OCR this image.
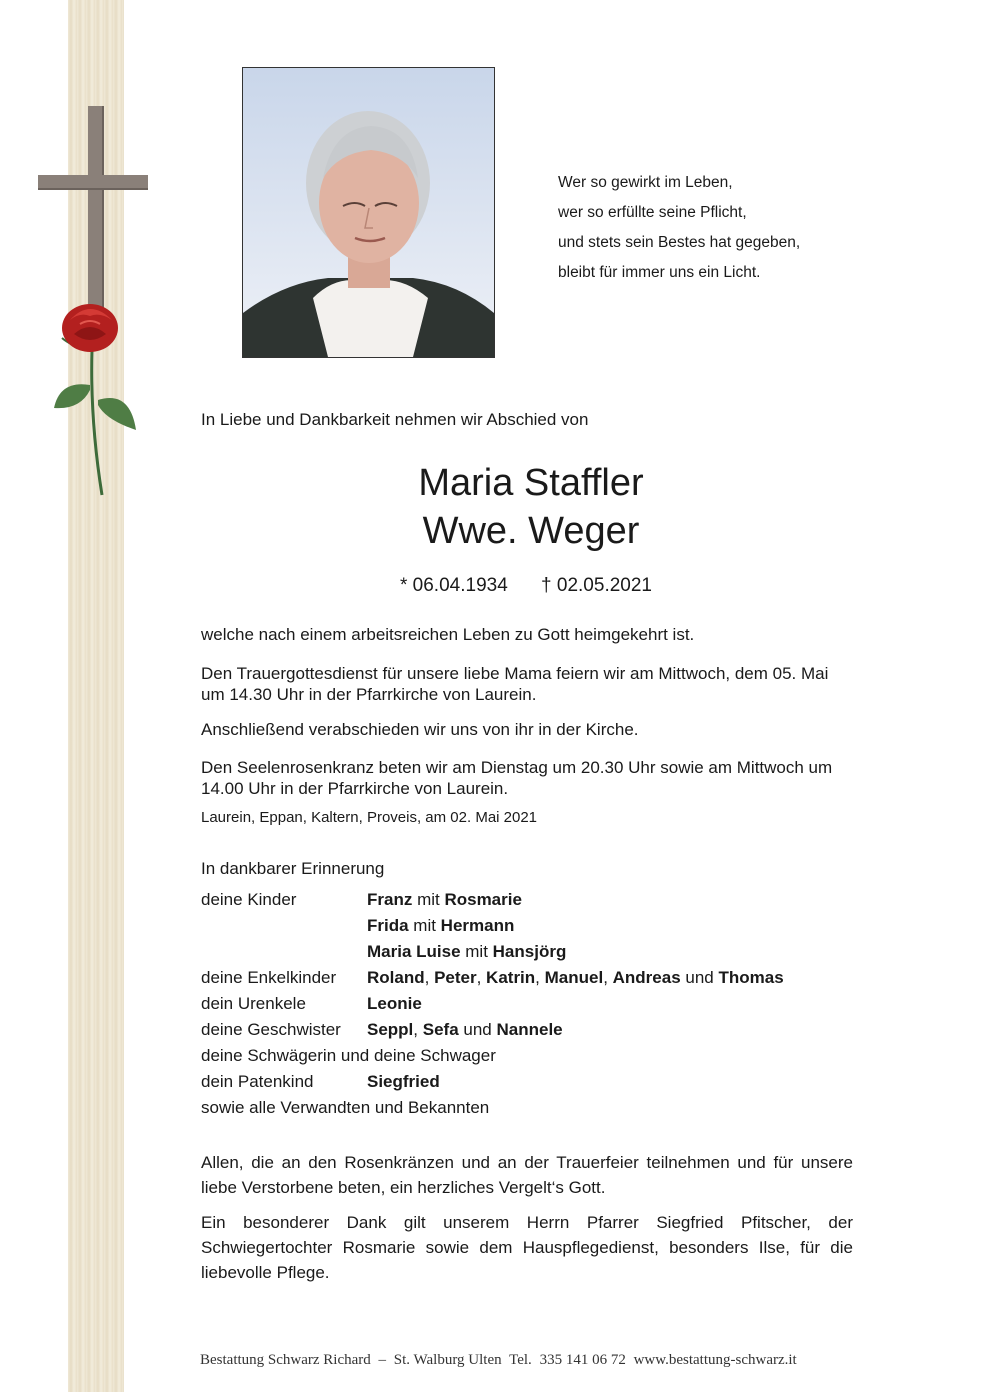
Wer so gewirkt im Leben,
wer so erfüllte seine Pflicht,
und stets sein Bestes hat gegeben,
bleibt für immer uns ein Licht.

In Liebe und Dankbarkeit nehmen wir Abschied von

Maria Staffler
Wwe. Weger
* 06.04.1934 † 02.05.2021

welche nach einem arbeitsreichen Leben zu Gott heimgekehrt ist.

Den Trauergottesdienst für unsere liebe Mama feiern wir am Mittwoch, dem 05. Mai um 14.30 Uhr in der Pfarrkirche von Laurein.

Anschließend verabschieden wir uns von ihr in der Kirche.

Den Seelenrosenkranz beten wir am Dienstag um 20.30 Uhr sowie am Mittwoch um 14.00 Uhr in der Pfarrkirche von Laurein.

Laurein, Eppan, Kaltern, Proveis, am 02. Mai 2021

In dankbarer Erinnerung

deine Kinder	Franz mit Rosmarie
Frida mit Hermann
Maria Luise mit Hansjörg
deine Enkelkinder	Roland, Peter, Katrin, Manuel, Andreas und Thomas
dein Urenkele	Leonie
deine Geschwister	Seppl, Sefa und Nannele
deine Schwägerin und deine Schwager
dein Patenkind	Siegfried
sowie alle Verwandten und Bekannten

Allen, die an den Rosenkränzen und an der Trauerfeier teilnehmen und für unsere liebe Verstorbene beten, ein herzliches Vergelt‘s Gott.

Ein besonderer Dank gilt unserem Herrn Pfarrer Siegfried Pfitscher, der Schwiegertochter Rosmarie sowie dem Hauspflegedienst, besonders Ilse, für die liebevolle Pflege.

Bestattung Schwarz Richard – St. Walburg Ulten Tel. 335 141 06 72 www.bestattung-schwarz.it
